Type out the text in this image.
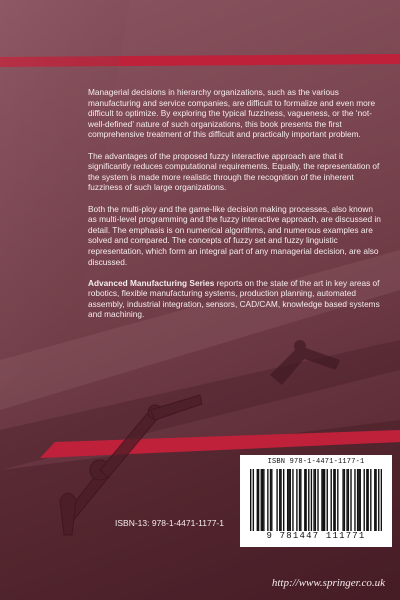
Managerial decisions in hierarchy organizations, such as the various manufacturing and service companies, are difficult to formalize and even more difficult to optimize. By exploring the typical fuzziness, vagueness, or the ‘not-well-defined’ nature of such organizations, this book presents the first comprehensive treatment of this difficult and practically important problem.

The advantages of the proposed fuzzy interactive approach are that it significantly reduces computational requirements. Equally, the representation of the system is made more realistic through the recognition of the inherent fuzziness of such large organizations.

Both the multi-ploy and the game-like decision making processes, also known as multi-level programming and the fuzzy interactive approach, are discussed in detail. The emphasis is on numerical algorithms, and numerous examples are solved and compared. The concepts of fuzzy set and fuzzy linguistic representation, which form an integral part of any managerial decision, are also discussed.

Advanced Manufacturing Series reports on the state of the art in key areas of robotics, flexible manufacturing systems, production planning, automated assembly, industrial integration, sensors, CAD/CAM, knowledge based systems and machining.

ISBN-13: 978-1-4471-1177-1
ISBN 978-1-4471-1177-1
9 781447 111771
http://www.springer.co.uk
